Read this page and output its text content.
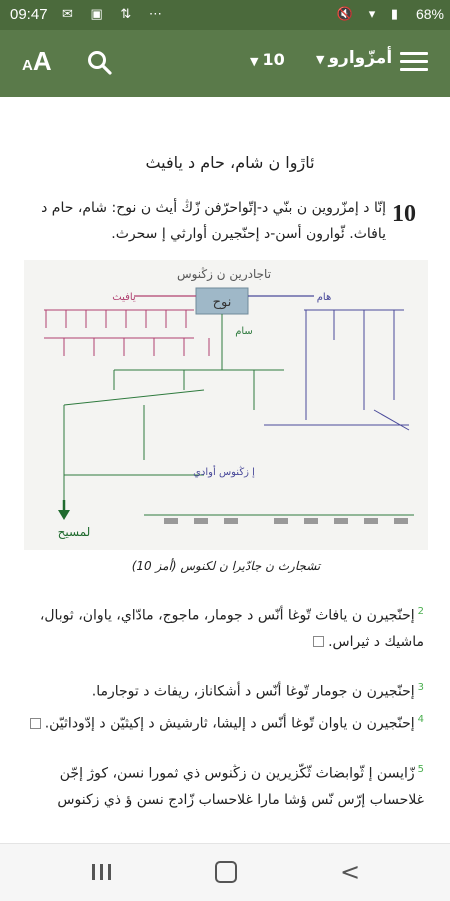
09:47 ✉ ▣ ⇅ ⋯	🔇 ▾ ▮ 68%
AA	▼ 10	▼ أمزّوارو
ئاڙوا ن شام، حام د يافيث
10
إنّا د إمزّروين ن بنّي د-إتّواحرّفن زّڭ أيث ن نوح: شام، حام د يافاث. ئّوارون أسن-د إحنّجيرن أوارثي إ سحرث.
تاجادرين ن زڭنوس
نوح
يافيث	هام
سام
لمسيح
إ زڭنوس أوادي
تشجارث ن جادّيرا ن لكنوس (أمز 10)
$^2$إحنّجيرن ن يافاث تّوغا أنّس د جومار، ماجوج، مادّاي، ياوان، ثوبال، ماشيك د ثيراس.
$^3$إحنّجيرن ن جومار تّوغا أنّس د أشكاناز، ريفاث د توجارما.
$^4$إحنّجيرن ن ياوان تّوغا أنّس د إليشا، ثارشيش د إكيثيّن د إدّوداثيّن.
$^5$زّايسن إ ثّوابضاث ثّكّزيرين ن زڭنوس ذي ثمورا نسن، كوژ إجّن غلاحساب إرّس نّس ؤشا مارا غلاحساب زّادج نسن ؤ ذي زكنوس
<
